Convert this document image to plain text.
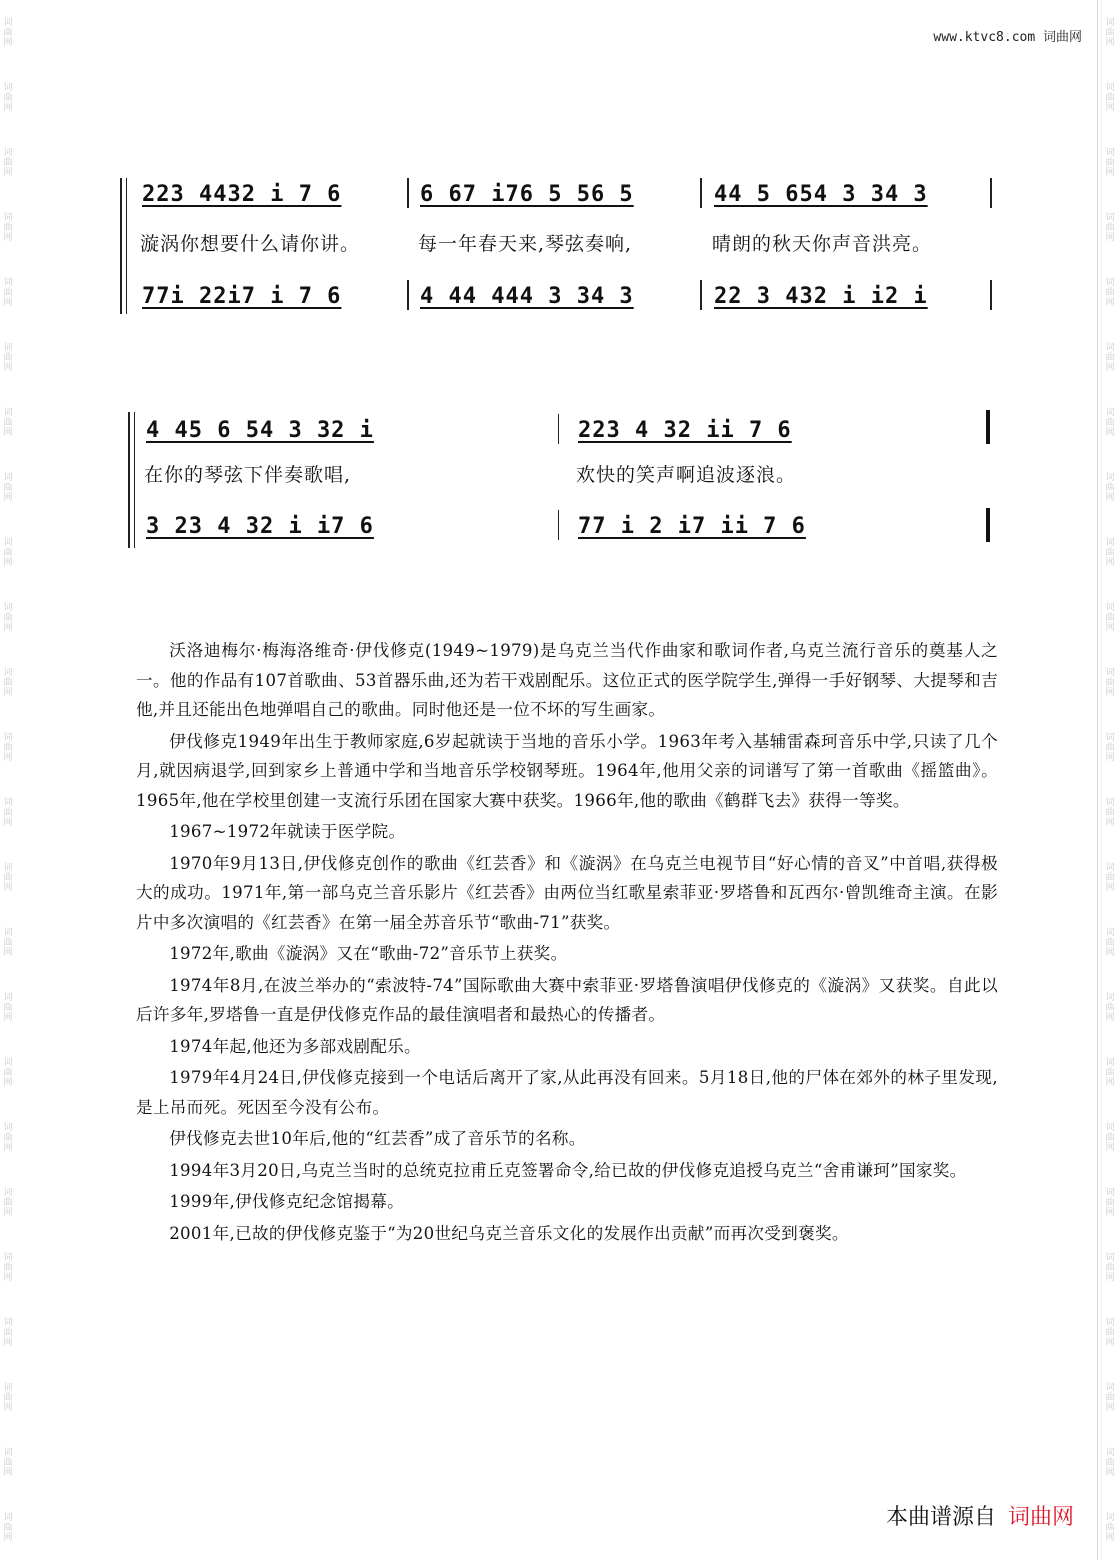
词曲网
词曲网
词曲网
词曲网
词曲网
词曲网
词曲网
词曲网
词曲网
词曲网
词曲网
词曲网
词曲网
词曲网
词曲网
词曲网
词曲网
词曲网
词曲网
词曲网
词曲网
词曲网
词曲网
词曲网
词曲网
词曲网
词曲网
词曲网
词曲网
词曲网
词曲网
词曲网
词曲网
词曲网
词曲网
词曲网
词曲网
词曲网
词曲网
词曲网
词曲网
词曲网
词曲网
词曲网
词曲网
词曲网
词曲网
词曲网
www.ktvc8.com 词曲网
223 4432 i 7 6	6 67 i76 5 56 5	44 5 654 3 34 3
漩涡你想要什么请你讲。	每一年春天来,琴弦奏响,	晴朗的秋天你声音洪亮。
77i 22i7 i 7 6	4 44 444 3 34 3	22 3 432 i i2 i
4 45 6 54 3 32 i	223 4 32 ii 7 6
在你的琴弦下伴奏歌唱,	欢快的笑声啊追波逐浪。
3 23 4 32 i i7 6	77 i 2 i7 ii 7 6

沃洛迪梅尔·梅海洛维奇·伊伐修克(1949~1979)是乌克兰当代作曲家和歌词作者,乌克兰流行音乐的奠基人之一。他的作品有107首歌曲、53首器乐曲,还为若干戏剧配乐。这位正式的医学院学生,弹得一手好钢琴、大提琴和吉他,并且还能出色地弹唱自己的歌曲。同时他还是一位不坏的写生画家。

伊伐修克1949年出生于教师家庭,6岁起就读于当地的音乐小学。1963年考入基辅雷森珂音乐中学,只读了几个月,就因病退学,回到家乡上普通中学和当地音乐学校钢琴班。1964年,他用父亲的词谱写了第一首歌曲《摇篮曲》。1965年,他在学校里创建一支流行乐团在国家大赛中获奖。1966年,他的歌曲《鹤群飞去》获得一等奖。

1967~1972年就读于医学院。

1970年9月13日,伊伐修克创作的歌曲《红芸香》和《漩涡》在乌克兰电视节目“好心情的音叉”中首唱,获得极大的成功。1971年,第一部乌克兰音乐影片《红芸香》由两位当红歌星索菲亚·罗塔鲁和瓦西尔·曾凯维奇主演。在影片中多次演唱的《红芸香》在第一届全苏音乐节“歌曲-71”获奖。

1972年,歌曲《漩涡》又在“歌曲-72”音乐节上获奖。

1974年8月,在波兰举办的“索波特-74”国际歌曲大赛中索菲亚·罗塔鲁演唱伊伐修克的《漩涡》又获奖。自此以后许多年,罗塔鲁一直是伊伐修克作品的最佳演唱者和最热心的传播者。

1974年起,他还为多部戏剧配乐。

1979年4月24日,伊伐修克接到一个电话后离开了家,从此再没有回来。5月18日,他的尸体在郊外的林子里发现,是上吊而死。死因至今没有公布。

伊伐修克去世10年后,他的“红芸香”成了音乐节的名称。

1994年3月20日,乌克兰当时的总统克拉甫丘克签署命令,给已故的伊伐修克追授乌克兰“舍甫谦珂”国家奖。

1999年,伊伐修克纪念馆揭幕。

2001年,已故的伊伐修克鉴于“为20世纪乌克兰音乐文化的发展作出贡献”而再次受到褒奖。

本曲谱源自 词曲网
